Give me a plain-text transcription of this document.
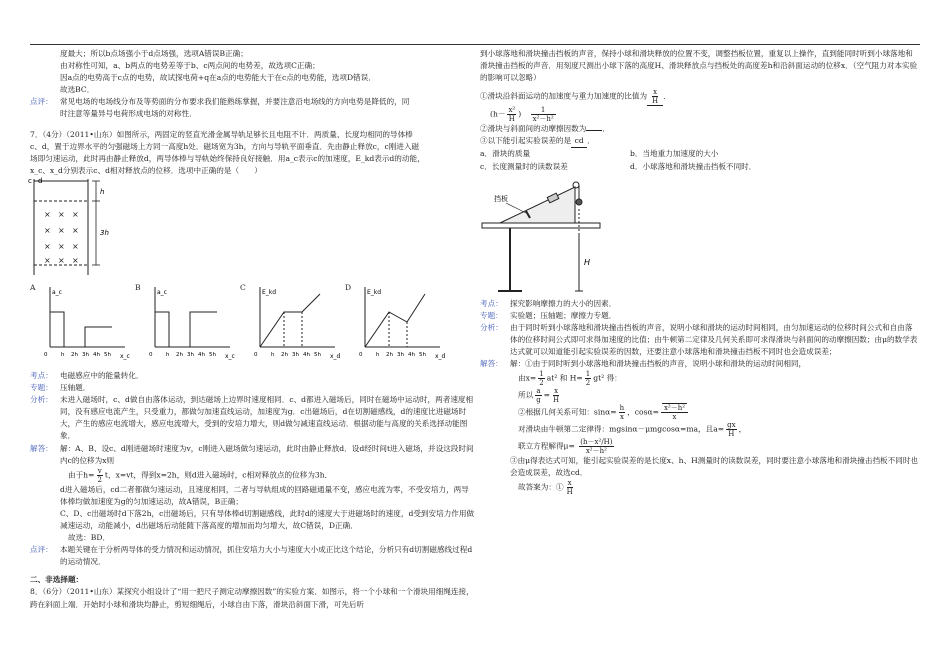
度最大；所以b点场强小于d点场强，选项A错误B正确；
由对称性可知，a、b两点的电势差等于b、c两点间的电势差，故选项C正确；
因a点的电势高于c点的电势，故试探电荷+q在a点的电势能大于在c点的电势能，选项D错误．
故选BC．
点评： 常见电场的电场线分布及等势面的分布要求我们能熟练掌握，并要注意沿电场线的方向电势是降低的，同
时注意等量异号电荷形成电场的对称性．
7．（4分）（2011•山东）如图所示，两固定的竖直光滑金属导轨足够长且电阻不计．两质量、长度均相同的导体棒
c、d，置于边界水平的匀强磁场上方同一高度h处．磁场宽为3h，方向与导轨平面垂直．先由静止释放c，c刚进入磁
场即匀速运动，此时再由静止释放d，两导体棒与导轨始终保持良好接触．用a_c表示c的加速度，E_kd表示d的动能，
x_c、x_d分别表示c、d相对释放点的位移．选项中正确的是（　　）
× × ×
× × ×
× × ×
× × ×
h
3h
c d
A
a_c
x_c
0 h 2h 3h 4h 5h
B
a_c
x_c
0 h 2h 3h 4h 5h
C
E_kd
x_d
0 h 2h 3h 4h 5h
D
E_kd
x_d
0 h 2h 3h 4h 5h
考点： 电磁感应中的能量转化．
专题： 压轴题．
分析： 未进入磁场时，c、d做自由落体运动，到达磁场上边界时速度相同．c、d都进入磁场后，同时在磁场中运动时，两者速度相同，没有感应电流产生，只受重力，都做匀加速直线运动，加速度为g．c出磁场后，d在切割磁感线，d的速度比进磁场时大，产生的感应电流增大，感应电流增大，受到的安培力增大，则d做匀减速直线运动．根据动能与高度的关系选择动能图象．
解答： 解：A、B、设c、d刚进磁场时速度为v，c刚进入磁场做匀速运动，此时由静止释放d．设d经时间t进入磁场，并设这段时间内c的位移为x则
由于$h= \frac{v}{2}$ t，x=vt，得到x=2h，则d进入磁场时，c相对释放点的位移为3h．
d进入磁场后，cd二者都做匀速运动，且速度相同，二者与导轨组成的回路磁通量不变，感应电流为零，不受安培力，两导体棒均做加速度为g的匀加速运动，故A错误，B正确；
C、D、c出磁场时d下落2h，c出磁场后，只有导体棒d切割磁感线，此时d的速度大于进磁场时的速度，d受到安培力作用做减速运动，动能减小，d出磁场后动能随下落高度的增加而均匀增大，故C错误，D正确．
故选：BD．
点评： 本题关键在于分析两导体的受力情况和运动情况，抓住安培力大小与速度大小成正比这个结论，分析只有d切割磁感线过程d的运动情况．
二、非选择题：
8．（6分）（2011•山东）某探究小组设计了“用一把尺子测定动摩擦因数”的实验方案．如图示，将一个小球和一个滑块用细绳连接，跨在斜面上端．开始时小球和滑块均静止，剪短细绳后，小球自由下落，滑块沿斜面下滑，可先后听
到小球落地和滑块撞击挡板的声音，保持小球和滑块释放的位置不变，调整挡板位置，重复以上操作，直到能同时听到小球落地和滑块撞击挡板的声音．用刻度尺测出小球下落的高度H、滑块释放点与挡板处的高度差h和沿斜面运动的位移x．（空气阻力对本实验的影响可以忽略）
①滑块沿斜面运动的加速度与重力加速度的比值为 $\frac{x}{H}$ ．
($h- \frac{\text{x²}}{H}$ ) $\frac{1}{\text{x²－h²}}$
②滑块与斜面间的动摩擦因数为 ．
③以下能引起实验误差的是 cd ．
a．滑块的质量	b．当地重力加速度的大小
c．长度测量时的读数误差	d．小球落地和滑块撞击挡板不同时．
挡板
H
考点： 探究影响摩擦力的大小的因素．
专题： 实验题；压轴题；摩擦力专题．
分析： 由于同时听到小球落地和滑块撞击挡板的声音，说明小球和滑块的运动时间相同，由匀加速运动的位移时间公式和自由落体的位移时间公式即可求得加速度的比值；由牛顿第二定律及几何关系即可求得滑块与斜面间的动摩擦因数；由μ的数学表达式就可以知道能引起实验误差的因数，还要注意小球落地和滑块撞击挡板不同时也会造成误差；
解答： 解：①由于同时听到小球落地和滑块撞击挡板的声音，说明小球和滑块的运动时间相同，
由$x= \frac{1}{2} at^2$ 和 $H= \frac{1}{2} gt^2$ 得：
所以 $\frac{a}{g} = \frac{x}{H}$
②根据几何关系可知：$\sin\alpha= \frac{h}{x}$ ，$\cos\alpha= \frac{\text{x²－h²}}{x}$
对滑块由牛顿第二定律得：mgsinα－μmgcosα=ma，且$a= \frac{gx}{H}$ ，
联立方程解得$\mu= \frac{\text{(h－x²/H)}}{\text{x²－h²}}$
③由μ得表达式可知，能引起实验误差的是长度x、h、H测量时的读数误差，同时要注意小球落地和滑块撞击挡板不同时也会造成误差，故选cd．
故答案为：① $\frac{x}{H}$
